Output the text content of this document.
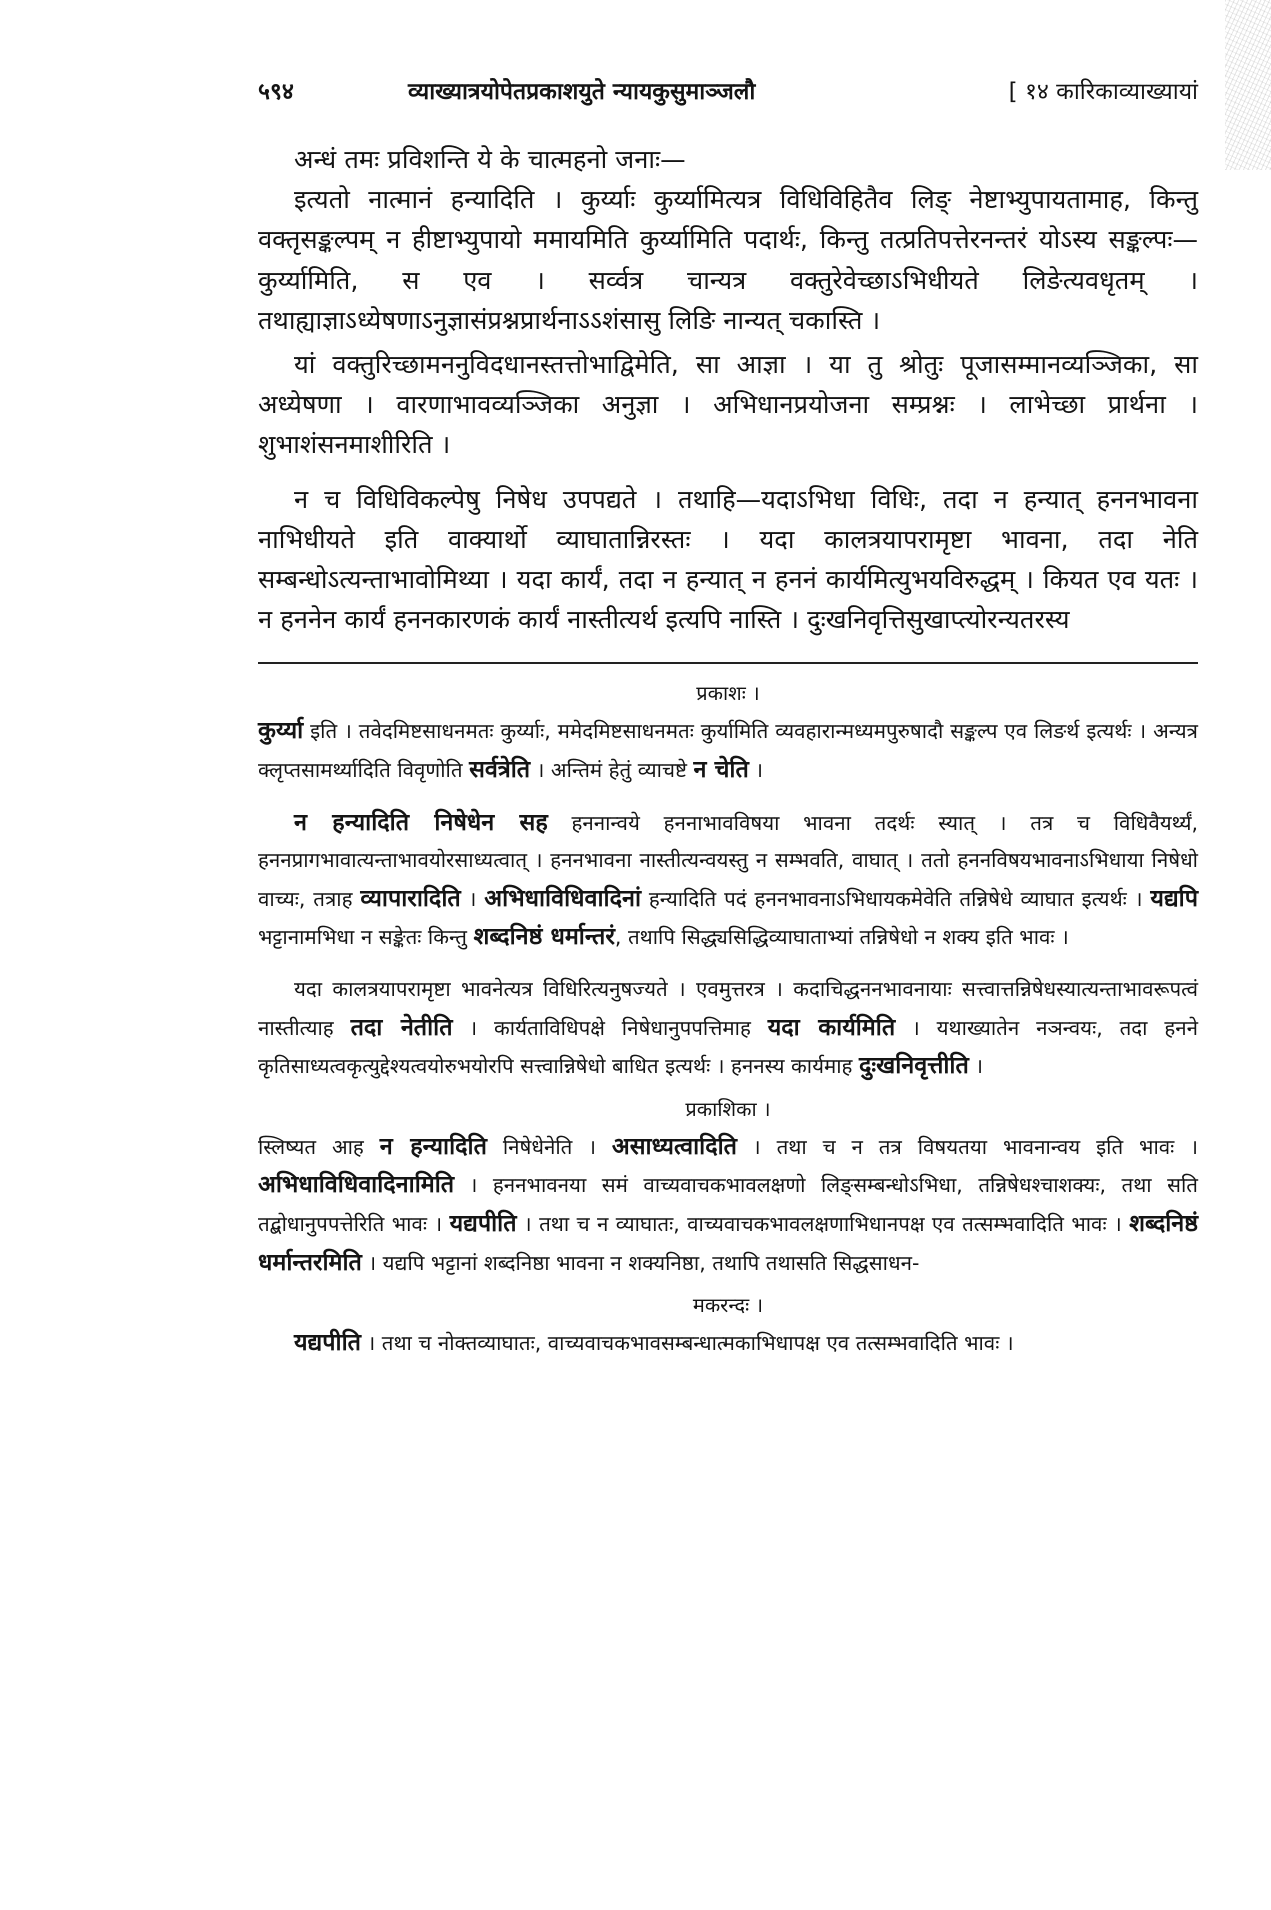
५९४	व्याख्यात्रयोपेतप्रकाशयुते न्यायकुसुमाञ्जलौ	[ १४ कारिकाव्याख्यायां

अन्धं तमः प्रविशन्ति ये के चात्महनो जनाः—

इत्यतो नात्मानं हन्यादिति । कुर्य्याः कुर्य्यामित्यत्र विधिविहितैव लिङ् नेष्टाभ्युपायतामाह, किन्तु वक्तृसङ्कल्पम् न हीष्टाभ्युपायो ममायमिति कुर्य्यामिति पदार्थः, किन्तु तत्प्रतिपत्तेरनन्तरं योऽस्य सङ्कल्पः—कुर्य्यामिति, स एव । सर्व्वत्र चान्यत्र वक्तुरेवेच्छाऽभिधीयते लिङेत्यवधृतम् । तथाह्याज्ञाऽध्येषणाऽनुज्ञासंप्रश्नप्रार्थनाऽऽशंसासु लिङि नान्यत् चकास्ति ।

यां वक्तुरिच्छामननुविदधानस्तत्तोभाद्विमेति, सा आज्ञा । या तु श्रोतुः पूजासम्मानव्यञ्जिका, सा अध्येषणा । वारणाभावव्यञ्जिका अनुज्ञा । अभिधानप्रयोजना सम्प्रश्नः । लाभेच्छा प्रार्थना । शुभाशंसनमाशीरिति ।

न च विधिविकल्पेषु निषेध उपपद्यते । तथाहि—यदाऽभिधा विधिः, तदा न हन्यात् हननभावना नाभिधीयते इति वाक्यार्थो व्याघातान्निरस्तः । यदा कालत्रयापरामृष्टा भावना, तदा नेति सम्बन्धोऽत्यन्ताभावोमिथ्या । यदा कार्यं, तदा न हन्यात् न हननं कार्यमित्युभयविरुद्धम् । कियत एव यतः । न हननेन कार्यं हननकारणकं कार्यं नास्तीत्यर्थ इत्यपि नास्ति । दुःखनिवृत्तिसुखाप्त्योरन्यतरस्य

प्रकाशः ।

कुर्य्या इति । तवेदमिष्टसाधनमतः कुर्य्याः, ममेदमिष्टसाधनमतः कुर्यामिति व्यवहारान्मध्यमपुरुषादौ सङ्कल्प एव लिङर्थ इत्यर्थः । अन्यत्र क्लृप्तसामर्थ्यादिति विवृणोति सर्वत्रेति । अन्तिमं हेतुं व्याचष्टे न चेति ।

न हन्यादिति निषेधेन सह हननान्वये हननाभावविषया भावना तदर्थः स्यात् । तत्र च विधिवैयर्थ्यं, हननप्रागभावात्यन्ताभावयोरसाध्यत्वात् । हननभावना नास्तीत्यन्वयस्तु न सम्भवति, वाघात् । ततो हननविषयभावनाऽभिधाया निषेधो वाच्यः, तत्राह व्यापारादिति । अभिधाविधिवादिनां हन्यादिति पदं हननभावनाऽभिधायकमेवेति तन्निषेधे व्याघात इत्यर्थः । यद्यपि भट्टानामभिधा न सङ्केतः किन्तु शब्दनिष्ठं धर्मान्तरं, तथापि सिद्ध्यसिद्धिव्याघाताभ्यां तन्निषेधो न शक्य इति भावः ।

यदा कालत्रयापरामृष्टा भावनेत्यत्र विधिरित्यनुषज्यते । एवमुत्तरत्र । कदाचिद्धननभावनायाः सत्त्वात्तन्निषेधस्यात्यन्ताभावरूपत्वं नास्तीत्याह तदा नेतीति । कार्यताविधिपक्षे निषेधानुपपत्तिमाह यदा कार्यमिति । यथाख्यातेन नञन्वयः, तदा हनने कृतिसाध्यत्वकृत्युद्देश्यत्वयोरुभयोरपि सत्त्वान्निषेधो बाधित इत्यर्थः । हननस्य कार्यमाह दुःखनिवृत्तीति ।

प्रकाशिका ।

स्लिष्यत आह न हन्यादिति निषेधेनेति । असाध्यत्वादिति । तथा च न तत्र विषयतया भावनान्वय इति भावः । अभिधाविधिवादिनामिति । हननभावनया समं वाच्यवाचकभावलक्षणो लिङ्सम्बन्धोऽभिधा, तन्निषेधश्चाशक्यः, तथा सति तद्बोधानुपपत्तेरिति भावः । यद्यपीति । तथा च न व्याघातः, वाच्यवाचकभावलक्षणाभिधानपक्ष एव तत्सम्भवादिति भावः । शब्दनिष्ठं धर्मान्तरमिति । यद्यपि भट्टानां शब्दनिष्ठा भावना न शक्यनिष्ठा, तथापि तथासति सिद्धसाधन-

मकरन्दः ।

यद्यपीति । तथा च नोक्तव्याघातः, वाच्यवाचकभावसम्बन्धात्मकाभिधापक्ष एव तत्सम्भवादिति भावः ।
